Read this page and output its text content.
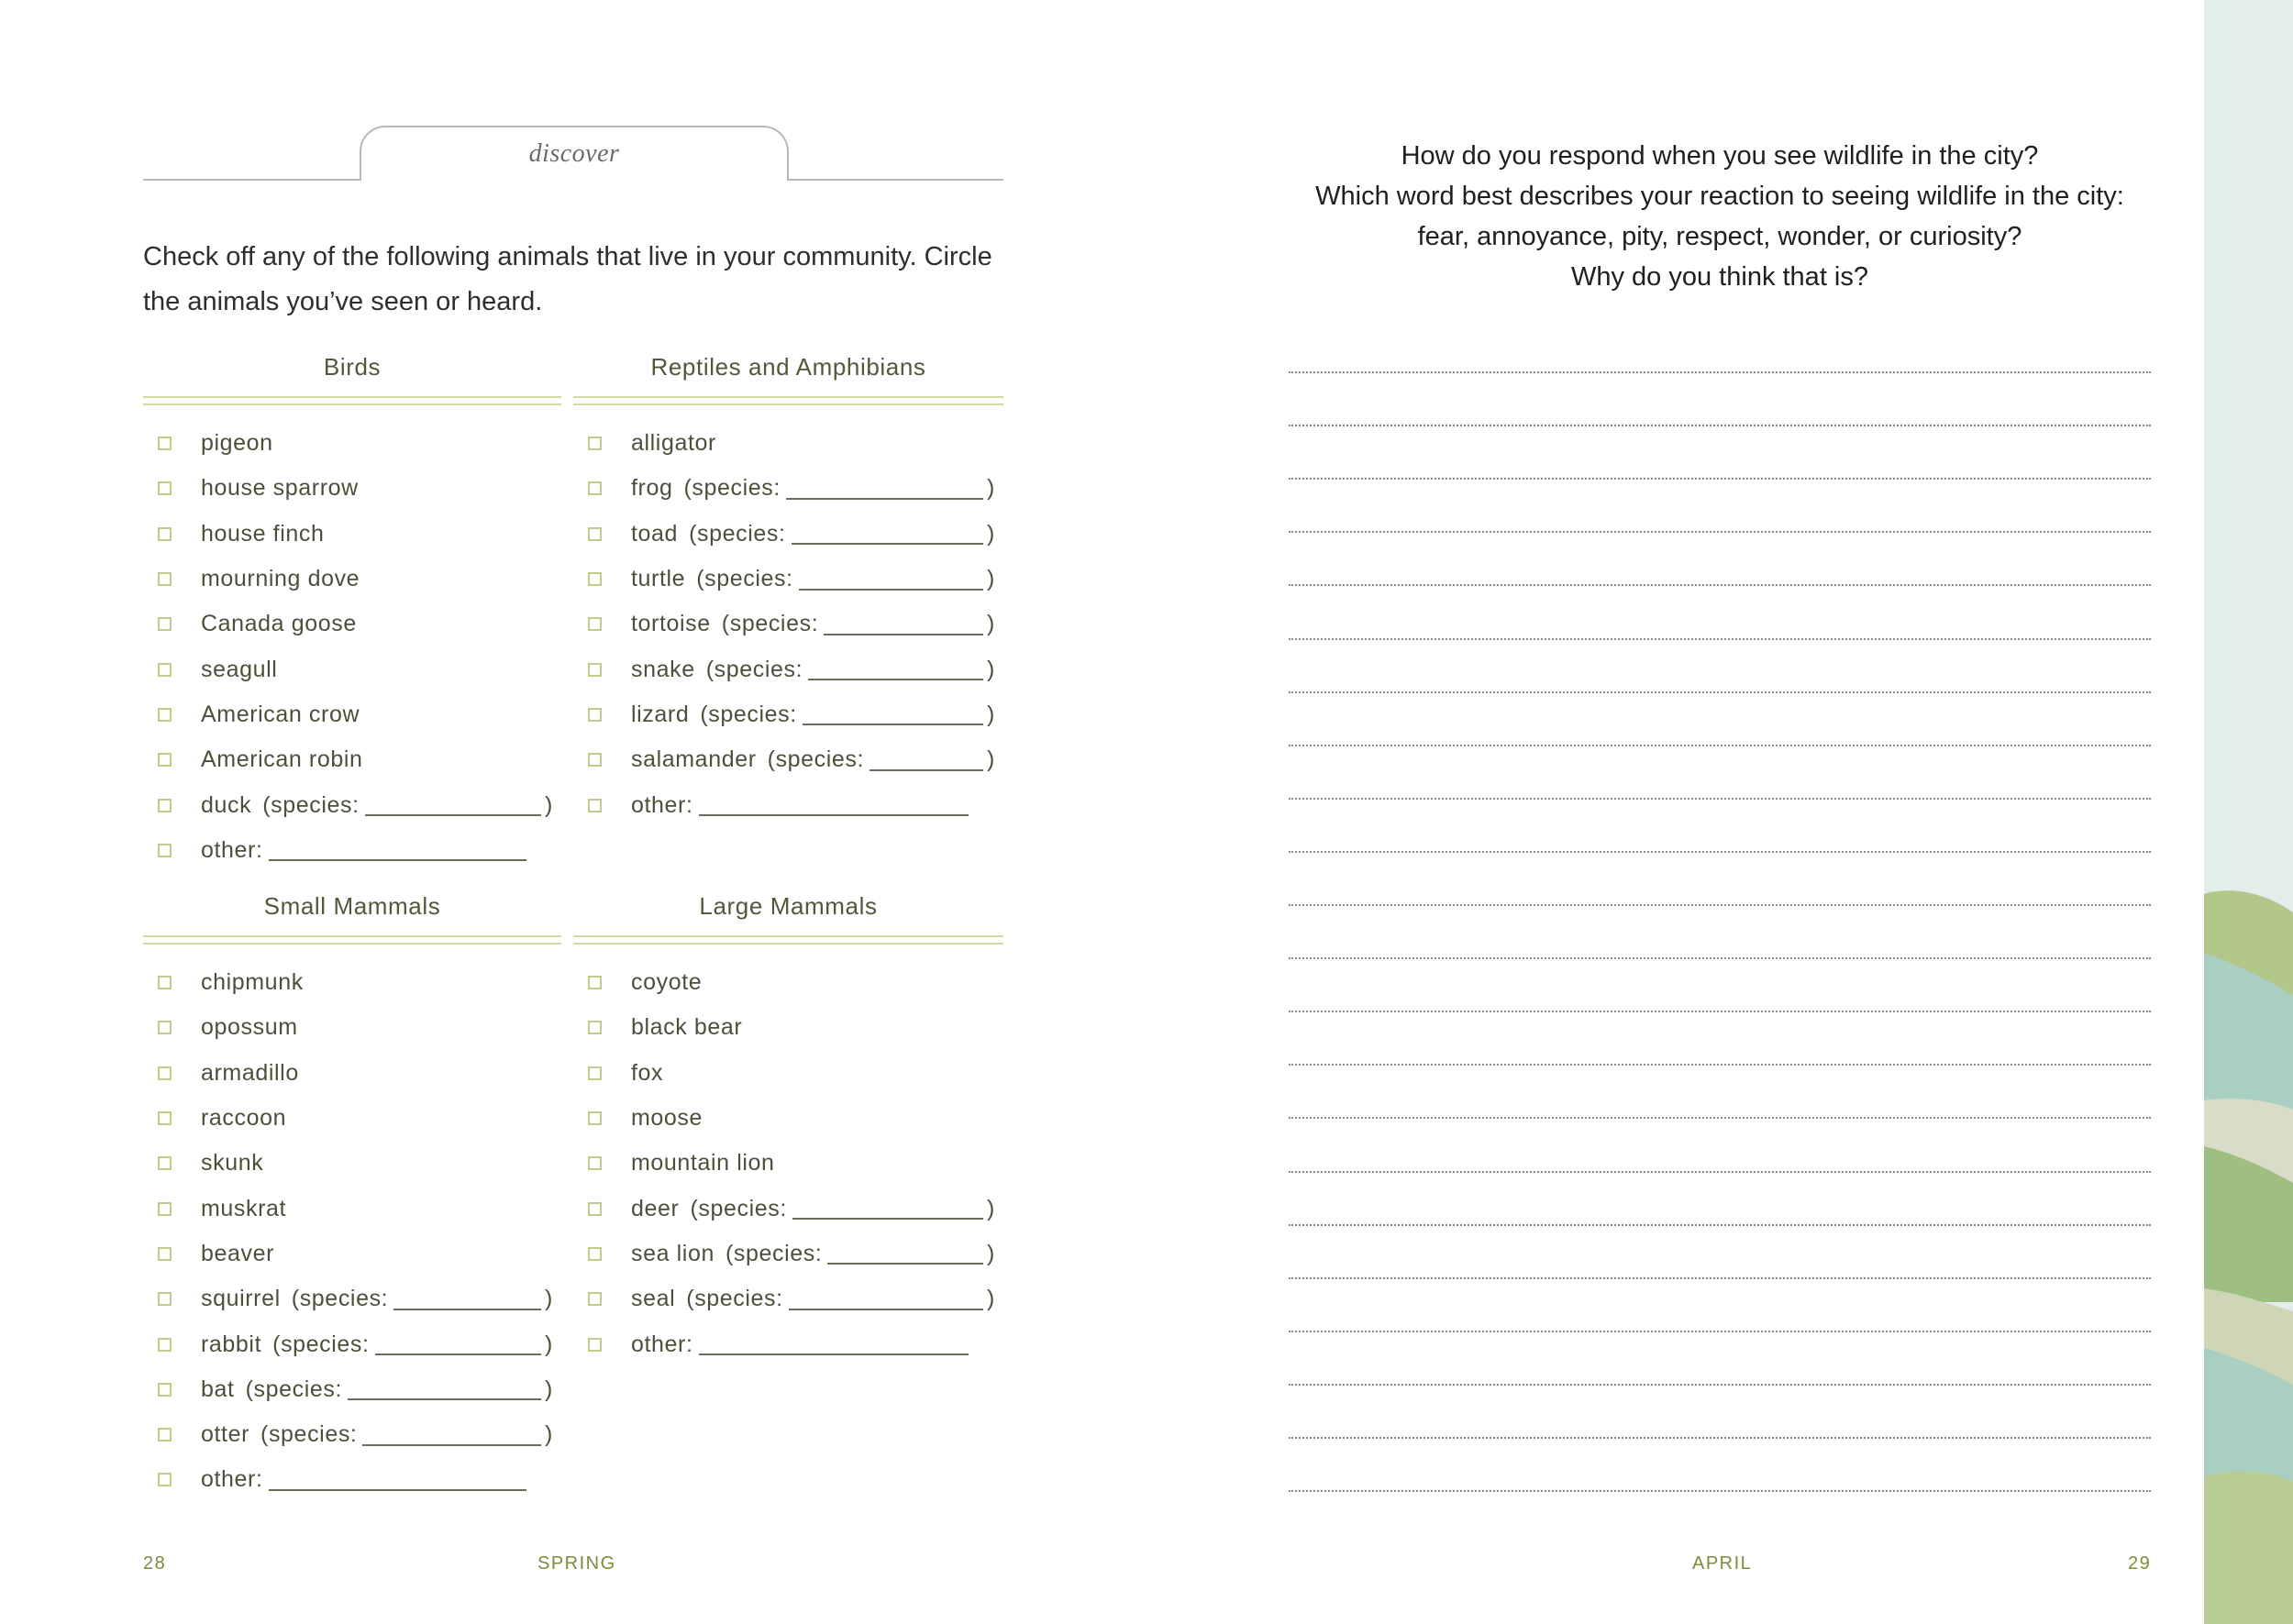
discover
Check off any of the following animals that live in your community. Circle the animals you’ve seen or heard.
Birds
pigeon
house sparrow
house finch
mourning dove
Canada goose
seagull
American crow
American robin
duck (species:	)
other:
Reptiles and Amphibians
alligator
frog (species:	)
toad (species:	)
turtle (species:	)
tortoise (species:	)
snake (species:	)
lizard (species:	)
salamander (species:	)
other:
Small Mammals
chipmunk
opossum
armadillo
raccoon
skunk
muskrat
beaver
squirrel (species:	)
rabbit (species:	)
bat (species:	)
otter (species:	)
other:
Large Mammals
coyote
black bear
fox
moose
mountain lion
deer (species:	)
sea lion (species:	)
seal (species:	)
other:
28	SPRING
How do you respond when you see wildlife in the city?
Which word best describes your reaction to seeing wildlife in the city:
fear, annoyance, pity, respect, wonder, or curiosity?
Why do you think that is?
APRIL	29
